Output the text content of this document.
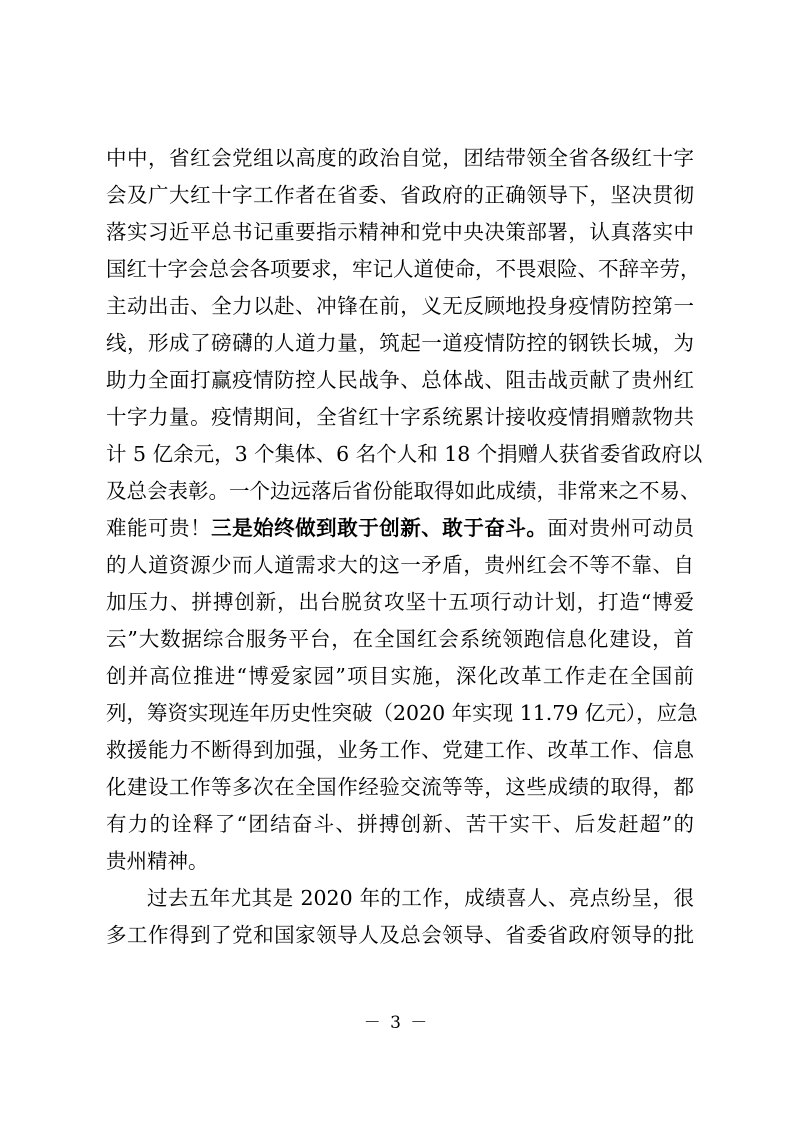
中中，省红会党组以高度的政治自觉，团结带领全省各级红十字
会及广大红十字工作者在省委、省政府的正确领导下，坚决贯彻
落实习近平总书记重要指示精神和党中央决策部署，认真落实中
国红十字会总会各项要求，牢记人道使命，不畏艰险、不辞辛劳，
主动出击、全力以赴、冲锋在前，义无反顾地投身疫情防控第一
线，形成了磅礴的人道力量，筑起一道疫情防控的钢铁长城，为
助力全面打赢疫情防控人民战争、总体战、阻击战贡献了贵州红
十字力量。疫情期间，全省红十字系统累计接收疫情捐赠款物共
计 5 亿余元，3 个集体、6 名个人和 18 个捐赠人获省委省政府以
及总会表彰。一个边远落后省份能取得如此成绩，非常来之不易、
难能可贵！三是始终做到敢于创新、敢于奋斗。面对贵州可动员
的人道资源少而人道需求大的这一矛盾，贵州红会不等不靠、自
加压力、拼搏创新，出台脱贫攻坚十五项行动计划，打造“博爱
云”大数据综合服务平台，在全国红会系统领跑信息化建设，首
创并高位推进“博爱家园”项目实施，深化改革工作走在全国前
列，筹资实现连年历史性突破（2020 年实现 11.79 亿元），应急
救援能力不断得到加强，业务工作、党建工作、改革工作、信息
化建设工作等多次在全国作经验交流等等，这些成绩的取得，都
有力的诠释了“团结奋斗、拼搏创新、苦干实干、后发赶超”的
贵州精神。
过去五年尤其是 2020 年的工作，成绩喜人、亮点纷呈，很
多工作得到了党和国家领导人及总会领导、省委省政府领导的批
－ 3 －
